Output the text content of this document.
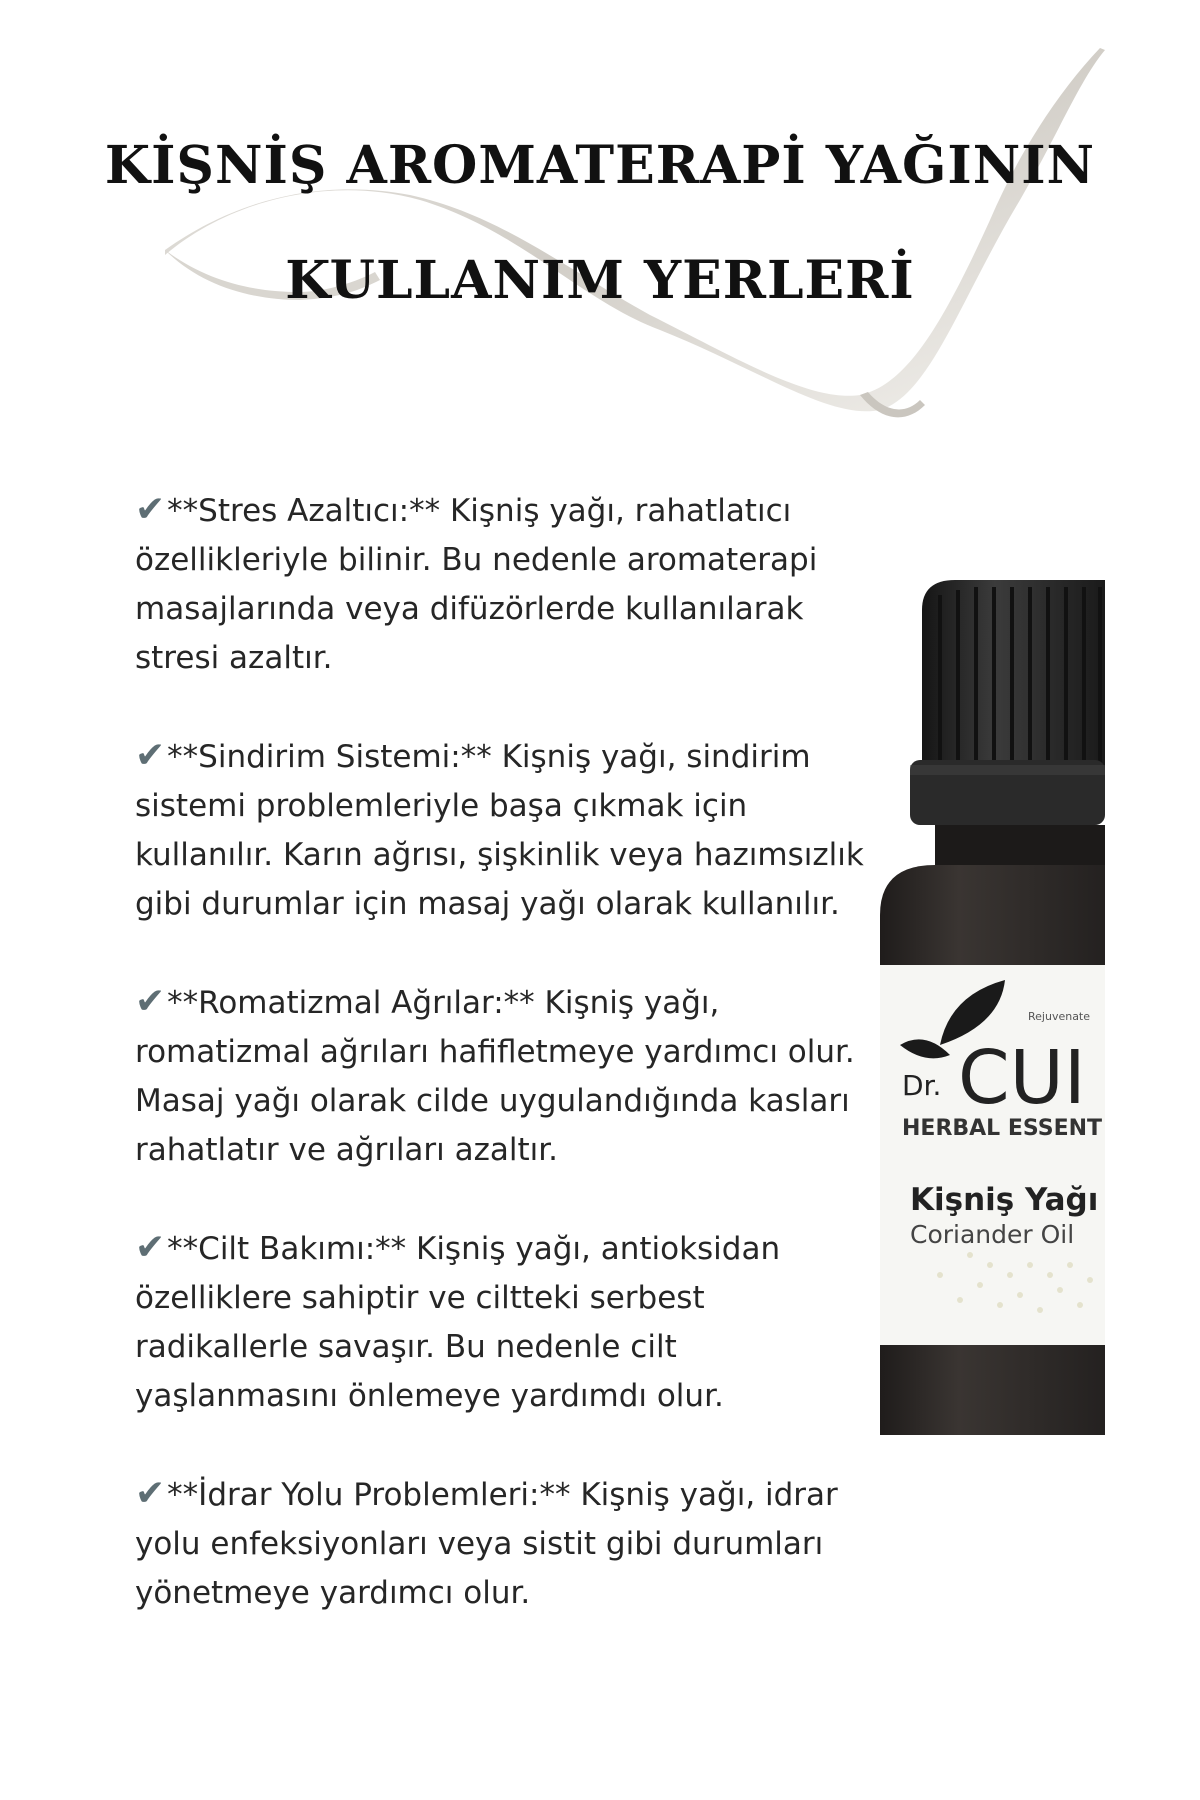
KİŞNİŞ AROMATERAPİ YAĞININ
KULLANIM YERLERİ

✔**Stres Azaltıcı:** Kişniş yağı, rahatlatıcı özellikleriyle bilinir. Bu nedenle aromaterapi masajlarında veya difüzörlerde kullanılarak stresi azaltır.

✔**Sindirim Sistemi:** Kişniş yağı, sindirim sistemi problemleriyle başa çıkmak için kullanılır. Karın ağrısı, şişkinlik veya hazımsızlık gibi durumlar için masaj yağı olarak kullanılır.

✔**Romatizmal Ağrılar:** Kişniş yağı, romatizmal ağrıları hafifletmeye yardımcı olur. Masaj yağı olarak cilde uygulandığında kasları rahatlatır ve ağrıları azaltır.

✔**Cilt Bakımı:** Kişniş yağı, antioksidan özelliklere sahiptir ve ciltteki serbest radikallerle savaşır. Bu nedenle cilt yaşlanmasını önlemeye yardımdı olur.

✔**İdrar Yolu Problemleri:** Kişniş yağı, idrar yolu enfeksiyonları veya sistit gibi durumları yönetmeye yardımcı olur.

Rejuvenate
Dr. CUI
HERBAL ESSENT
Kişniş Yağı
Coriander Oil
